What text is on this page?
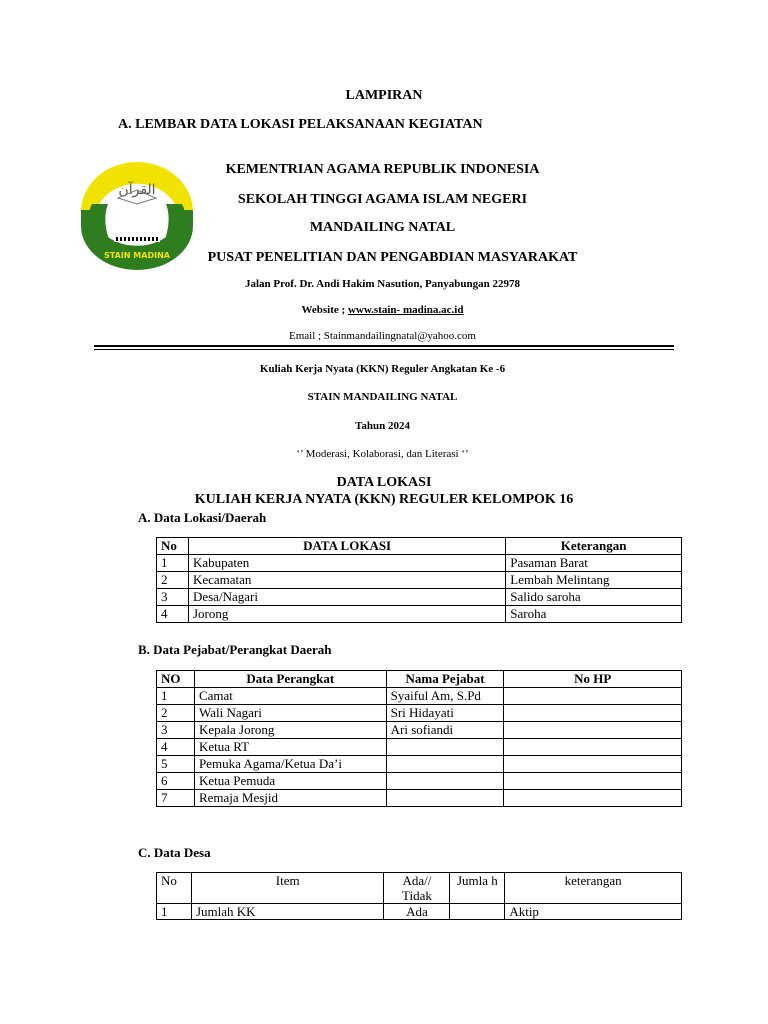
LAMPIRAN
A. LEMBAR DATA LOKASI PELAKSANAAN KEGIATAN
القرآن
STAIN MADINA
KEMENTRIAN AGAMA REPUBLIK INDONESIA
SEKOLAH TINGGI AGAMA ISLAM NEGERI
MANDAILING NATAL
PUSAT PENELITIAN DAN PENGABDIAN MASYARAKAT
Jalan Prof. Dr. Andi Hakim Nasution, Panyabungan 22978
Website ; www.stain- madina.ac.id
Email ; Stainmandailingnatal@yahoo.com
Kuliah Kerja Nyata (KKN) Reguler Angkatan Ke -6
STAIN MANDAILING NATAL
Tahun 2024
‘’ Moderasi, Kolaborasi, dan Literasi ‘’
DATA LOKASI
KULIAH KERJA NYATA (KKN) REGULER KELOMPOK 16
A. Data Lokasi/Daerah
No	DATA LOKASI	Keterangan
1	Kabupaten	Pasaman Barat
2	Kecamatan	Lembah Melintang
3	Desa/Nagari	Salido saroha
4	Jorong	Saroha
B. Data Pejabat/Perangkat Daerah
NO	Data Perangkat	Nama Pejabat	No HP
1	Camat	Syaiful Am, S.Pd	
2	Wali Nagari	Sri Hidayati	
3	Kepala Jorong	Ari sofiandi	
4	Ketua RT		
5	Pemuka Agama/Ketua Da’i		
6	Ketua Pemuda		
7	Remaja Mesjid		
C. Data Desa
No	Item	Ada// Tidak	Jumla h	keterangan
1	Jumlah KK	Ada		Aktip
